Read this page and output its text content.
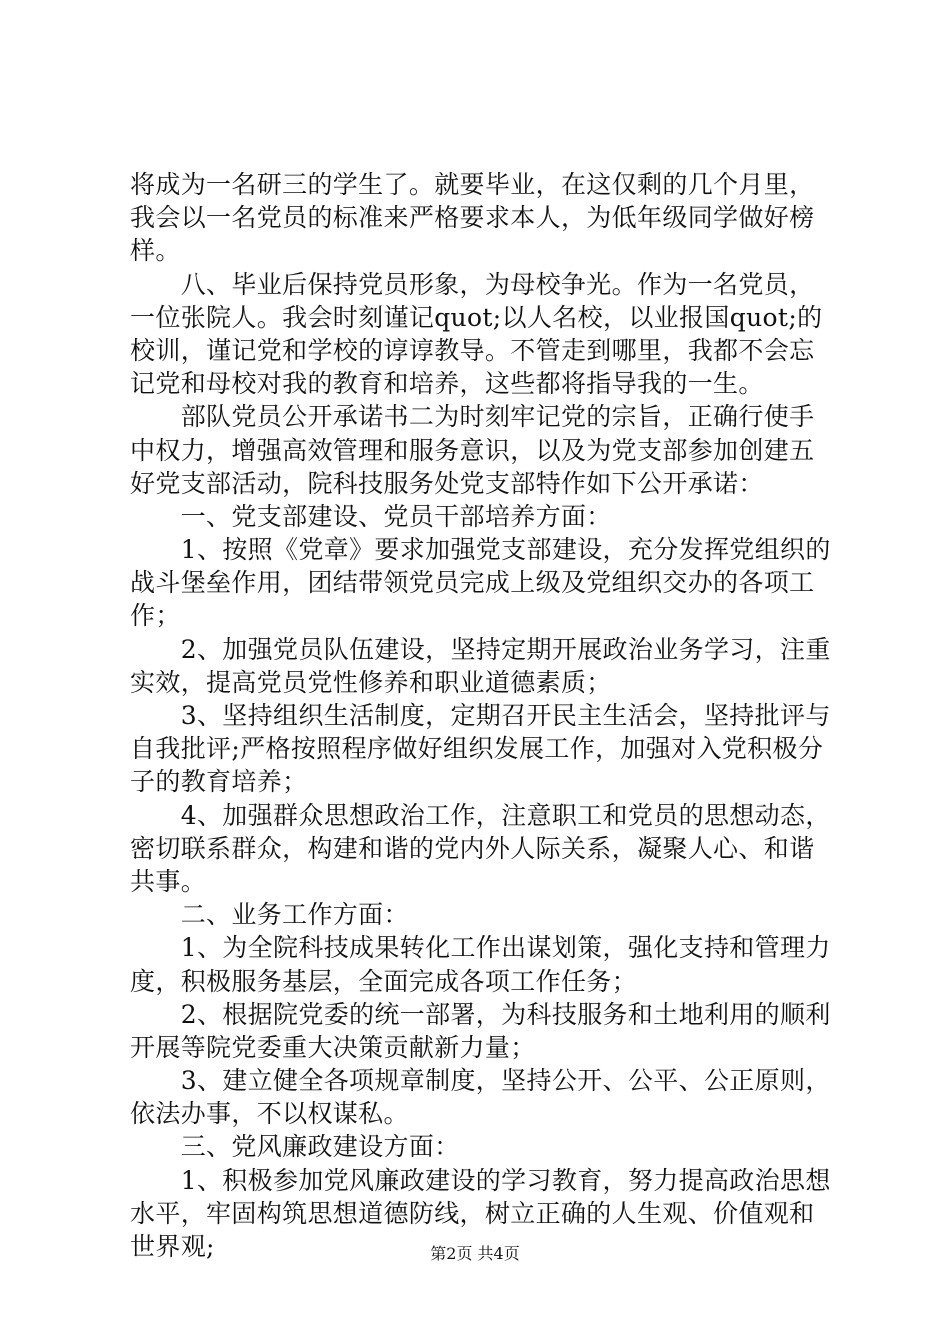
将成为一名研三的学生了。就要毕业，在这仅剩的几个月里，
我会以一名党员的标准来严格要求本人，为低年级同学做好榜
样。
　　八、毕业后保持党员形象，为母校争光。作为一名党员，
一位张院人。我会时刻谨记quot;以人名校，以业报国quot;的
校训，谨记党和学校的谆谆教导。不管走到哪里，我都不会忘
记党和母校对我的教育和培养，这些都将指导我的一生。
　　部队党员公开承诺书二为时刻牢记党的宗旨，正确行使手
中权力，增强高效管理和服务意识，以及为党支部参加创建五
好党支部活动，院科技服务处党支部特作如下公开承诺：
　　一、党支部建设、党员干部培养方面：
　　1、按照《党章》要求加强党支部建设，充分发挥党组织的
战斗堡垒作用，团结带领党员完成上级及党组织交办的各项工
作；
　　2、加强党员队伍建设，坚持定期开展政治业务学习，注重
实效，提高党员党性修养和职业道德素质；
　　3、坚持组织生活制度，定期召开民主生活会，坚持批评与
自我批评;严格按照程序做好组织发展工作，加强对入党积极分
子的教育培养；
　　4、加强群众思想政治工作，注意职工和党员的思想动态，
密切联系群众，构建和谐的党内外人际关系，凝聚人心、和谐
共事。
　　二、业务工作方面：
　　1、为全院科技成果转化工作出谋划策，强化支持和管理力
度，积极服务基层，全面完成各项工作任务；
　　2、根据院党委的统一部署，为科技服务和土地利用的顺利
开展等院党委重大决策贡献新力量；
　　3、建立健全各项规章制度，坚持公开、公平、公正原则，
依法办事，不以权谋私。
　　三、党风廉政建设方面：
　　1、积极参加党风廉政建设的学习教育，努力提高政治思想
水平，牢固构筑思想道德防线，树立正确的人生观、价值观和
世界观;	第2页 共4页
